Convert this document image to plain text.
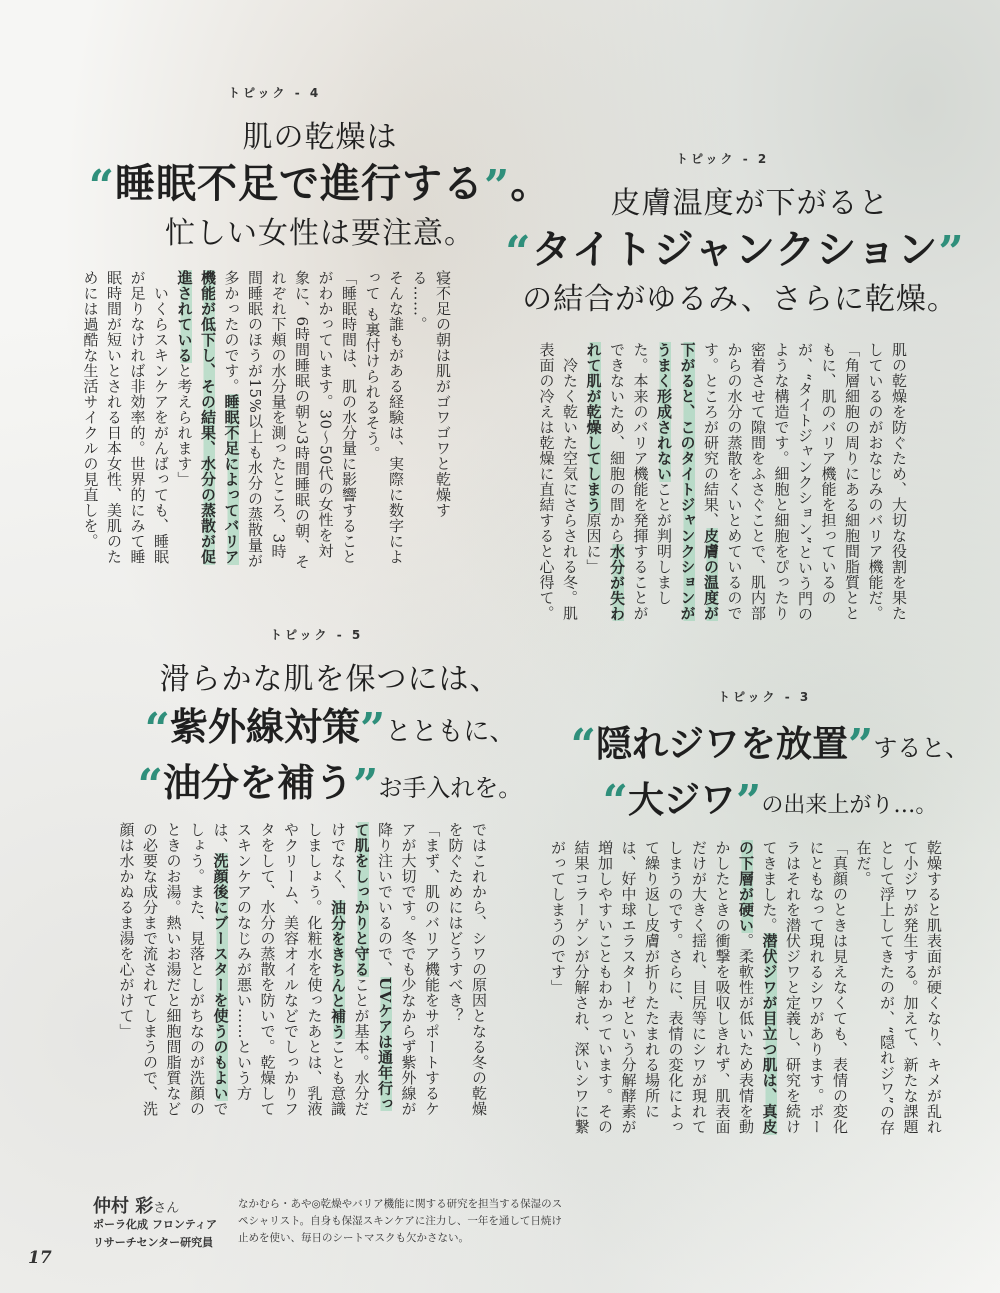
トピック - 4
肌の乾燥は
“睡眠不足で進行する”。
忙しい女性は要注意。
寝不足の朝は肌がゴワゴワと乾燥する……。
そんな誰もがある経験は、実際に数字によって も裏付けられるそう。
「睡眠時間は、肌の水分量に影響することがわかっています。30～50代の女性を対象に、6時間睡眠の朝と3時間睡眠の朝、それぞれ下頬の水分量を測ったところ、3時間睡眠のほうが15%以上も水分の蒸散量が多かったのです。睡眠不足によってバリア機能が低下し、その結果、水分の蒸散が促進されていると考えられます」
　いくらスキンケアをがんばっても、睡眠が足りなければ非効率的。世界的にみて睡眠時間が短いとされる日本女性、美肌のためには過酷な生活サイクルの見直しを。
トピック - 2
皮膚温度が下がると
“タイトジャンクション”
の結合がゆるみ、さらに乾燥。
肌の乾燥を防ぐため、大切な役割を果たしているのがおなじみのバリア機能だ。
「角層細胞の周りにある細胞間脂質とともに、肌のバリア機能を担っているのが、“タイトジャンクション”という門のような構造です。細胞と細胞をぴったり密着させて隙間をふさぐことで、肌内部からの水分の蒸散をくいとめているのです。ところが研究の結果、皮膚の温度が下がると、このタイトジャンクションがうまく形成されないことが判明しました。本来のバリア機能を発揮することができないため、細胞の間から水分が失われて肌が乾燥してしまう原因に」
　冷たく乾いた空気にさらされる冬。肌表面の冷えは乾燥に直結すると心得て。
トピック - 5
滑らかな肌を保つには、
“紫外線対策”とともに、
“油分を補う”お手入れを。
ではこれから、シワの原因となる冬の乾燥を防ぐためにはどうすべき？
「まず、肌のバリア機能をサポートするケアが大切です。冬でも少なからず紫外線が降り注いでいるので、UVケアは通年行って肌をしっかりと守ることが基本。水分だけでなく、油分をきちんと補うことも意識しましょう。化粧水を使ったあとは、乳液やクリーム、美容オイルなどでしっかりフタをして、水分の蒸散を防いで。乾燥してスキンケアのなじみが悪い……という方は、洗顔後にブースターを使うのもよいでしょう。また、見落としがちなのが洗顔のときのお湯。熱いお湯だと細胞間脂質などの必要な成分まで流されてしまうので、洗顔は水かぬるま湯を心がけて」
トピック - 3
“隠れジワを放置”すると、
“大ジワ”の出来上がり…。
乾燥すると肌表面が硬くなり、キメが乱れて小ジワが発生する。加えて、新たな課題として浮上してきたのが、“隠れジワ”の存在だ。
「真顔のときは見えなくても、表情の変化にともなって現れるシワがあります。ポーラはそれを潜伏ジワと定義し、研究を続けてきました。潜伏ジワが目立つ肌は、真皮の下層が硬い。柔軟性が低いため表情を動かしたときの衝撃を吸収しきれず、肌表面だけが大きく揺れ、目尻等にシワが現れてしまうのです。さらに、表情の変化によって繰り返し皮膚が折りたたまれる場所には、好中球エラスターゼという分解酵素が増加しやすいこともわかっています。その結果コラーゲンが分解され、深いシワに繋がってしまうのです」
仲村 彩さん
ポーラ化成 フロンティア
リサーチセンター研究員
なかむら・あや◎乾燥やバリア機能に関する研究を担当する保湿のスペシャリスト。自身も保湿スキンケアに注力し、一年を通して日焼け止めを使い、毎日のシートマスクも欠かさない。
17
